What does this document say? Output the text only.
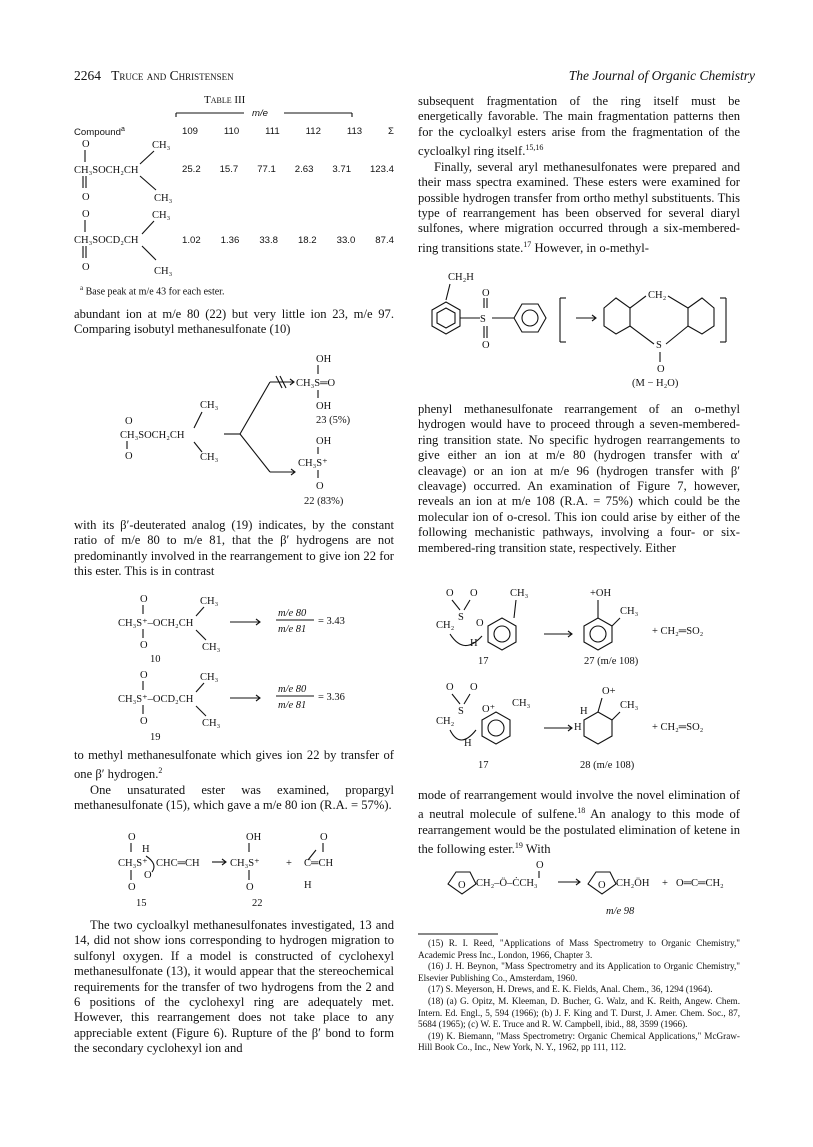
2264 Truce and Christensen	The Journal of Organic Chemistry
Table III
m/e
Compound$^a$	109	110	111	112	113	Σ
O
CH₃SOCH₂CH
O
CH₃
CH₃
25.2 15.7 77.1 2.63 3.71 123.4
O
CH₃SOCD₂CH
O
CH₃
CH₃
1.02 1.36 33.8 18.2 33.0 87.4
$^a$ Base peak at m/e 43 for each ester.

abundant ion at m/e 80 (22) but very little ion 23, m/e 97. Comparing isobutyl methanesulfonate (10)

OH
CH₃S═O
OH
23 (5%)
O
CH₃SOCH₂CH
O
CH₃
CH₃
OH
CH₃S⁺
O
22 (83%)

with its β′-deuterated analog (19) indicates, by the constant ratio of m/e 80 to m/e 81, that the β′ hydrogens are not predominantly involved in the rearrangement to give ion 22 for this ester. This is in contrast

O
CH₃S⁺–OCH₂CH
O
CH₃
CH₃
10
m/e 80
m/e 81
= 3.43
O
CH₃S⁺–OCD₂CH
O
CH₃
CH₃
19
m/e 80
m/e 81
= 3.36

to methyl methanesulfonate which gives ion 22 by transfer of one β′ hydrogen.$^2$

One unsaturated ester was examined, propargyl methanesulfonate (15), which gave a m/e 80 ion (R.A. = 57%).

O
CH₃S⁺
H
O
O
CHC═CH
15
OH
CH₃S⁺
O
22
+
O
C═CH
H

The two cycloalkyl methanesulfonates investigated, 13 and 14, did not show ions corresponding to hydrogen migration to sulfonyl oxygen. If a model is constructed of cyclohexyl methanesulfonate (13), it would appear that the stereochemical requirements for the transfer of two hydrogens from the 2 and 6 positions of the cyclohexyl ring are adequately met. However, this rearrangement does not take place to any appreciable extent (Figure 6). Rupture of the β′ bond to form the secondary cyclohexyl ion and

subsequent fragmentation of the ring itself must be energetically favorable. The main fragmentation patterns then for the cycloalkyl esters arise from the fragmentation of the cycloalkyl ring itself.$^{15,16}$

Finally, several aryl methanesulfonates were prepared and their mass spectra examined. These esters were examined for possible hydrogen transfer from ortho methyl substituents. This type of rearrangement has been observed for several diaryl sulfones, where migration occurred through a six-membered-ring transitions state.$^{17}$ However, in o-methyl-

CH₂H
S
O
O
CH₂
S
O
(M − H₂O)

phenyl methanesulfonate rearrangement of an o-methyl hydrogen would have to proceed through a seven-membered-ring transition state. No specific hydrogen rearrangements to give either an ion at m/e 80 (hydrogen transfer with α′ cleavage) or an ion at m/e 96 (hydrogen transfer with β′ cleavage) occurred. An examination of Figure 7, however, reveals an ion at m/e 108 (R.A. = 75%) which could be the molecular ion of o-cresol. This ion could arise by either of the following mechanistic pathways, involving a four- or six-membered-ring transition state, respectively. Either

O O
S
CH₂ O
CH₃
H
17
+OH
CH₃
+ CH₂═SO₂
27 (m/e 108)
O O
S O⁺
CH₂
CH₃
H
17
O+
H
H
CH₃
+ CH₂═SO₂
28 (m/e 108)

mode of rearrangement would involve the novel elimination of a neutral molecule of sulfene.$^{18}$ An analogy to this mode of rearrangement would be the postulated elimination of ketene in the following ester.$^{19}$ With

O CH₂–Ö–ĊCH₃
O
O CH₂ÖH + O═C═CH₂
m/e 98
(15) R. I. Reed, "Applications of Mass Spectrometry to Organic Chemistry," Academic Press Inc., London, 1966, Chapter 3.
(16) J. H. Beynon, "Mass Spectrometry and its Application to Organic Chemistry," Elsevier Publishing Co., Amsterdam, 1960.
(17) S. Meyerson, H. Drews, and E. K. Fields, Anal. Chem., 36, 1294 (1964).
(18) (a) G. Opitz, M. Kleeman, D. Bucher, G. Walz, and K. Reith, Angew. Chem. Intern. Ed. Engl., 5, 594 (1966); (b) J. F. King and T. Durst, J. Amer. Chem. Soc., 87, 5684 (1965); (c) W. E. Truce and R. W. Campbell, ibid., 88, 3599 (1966).
(19) K. Biemann, "Mass Spectrometry: Organic Chemical Applications," McGraw-Hill Book Co., Inc., New York, N. Y., 1962, pp 111, 112.
